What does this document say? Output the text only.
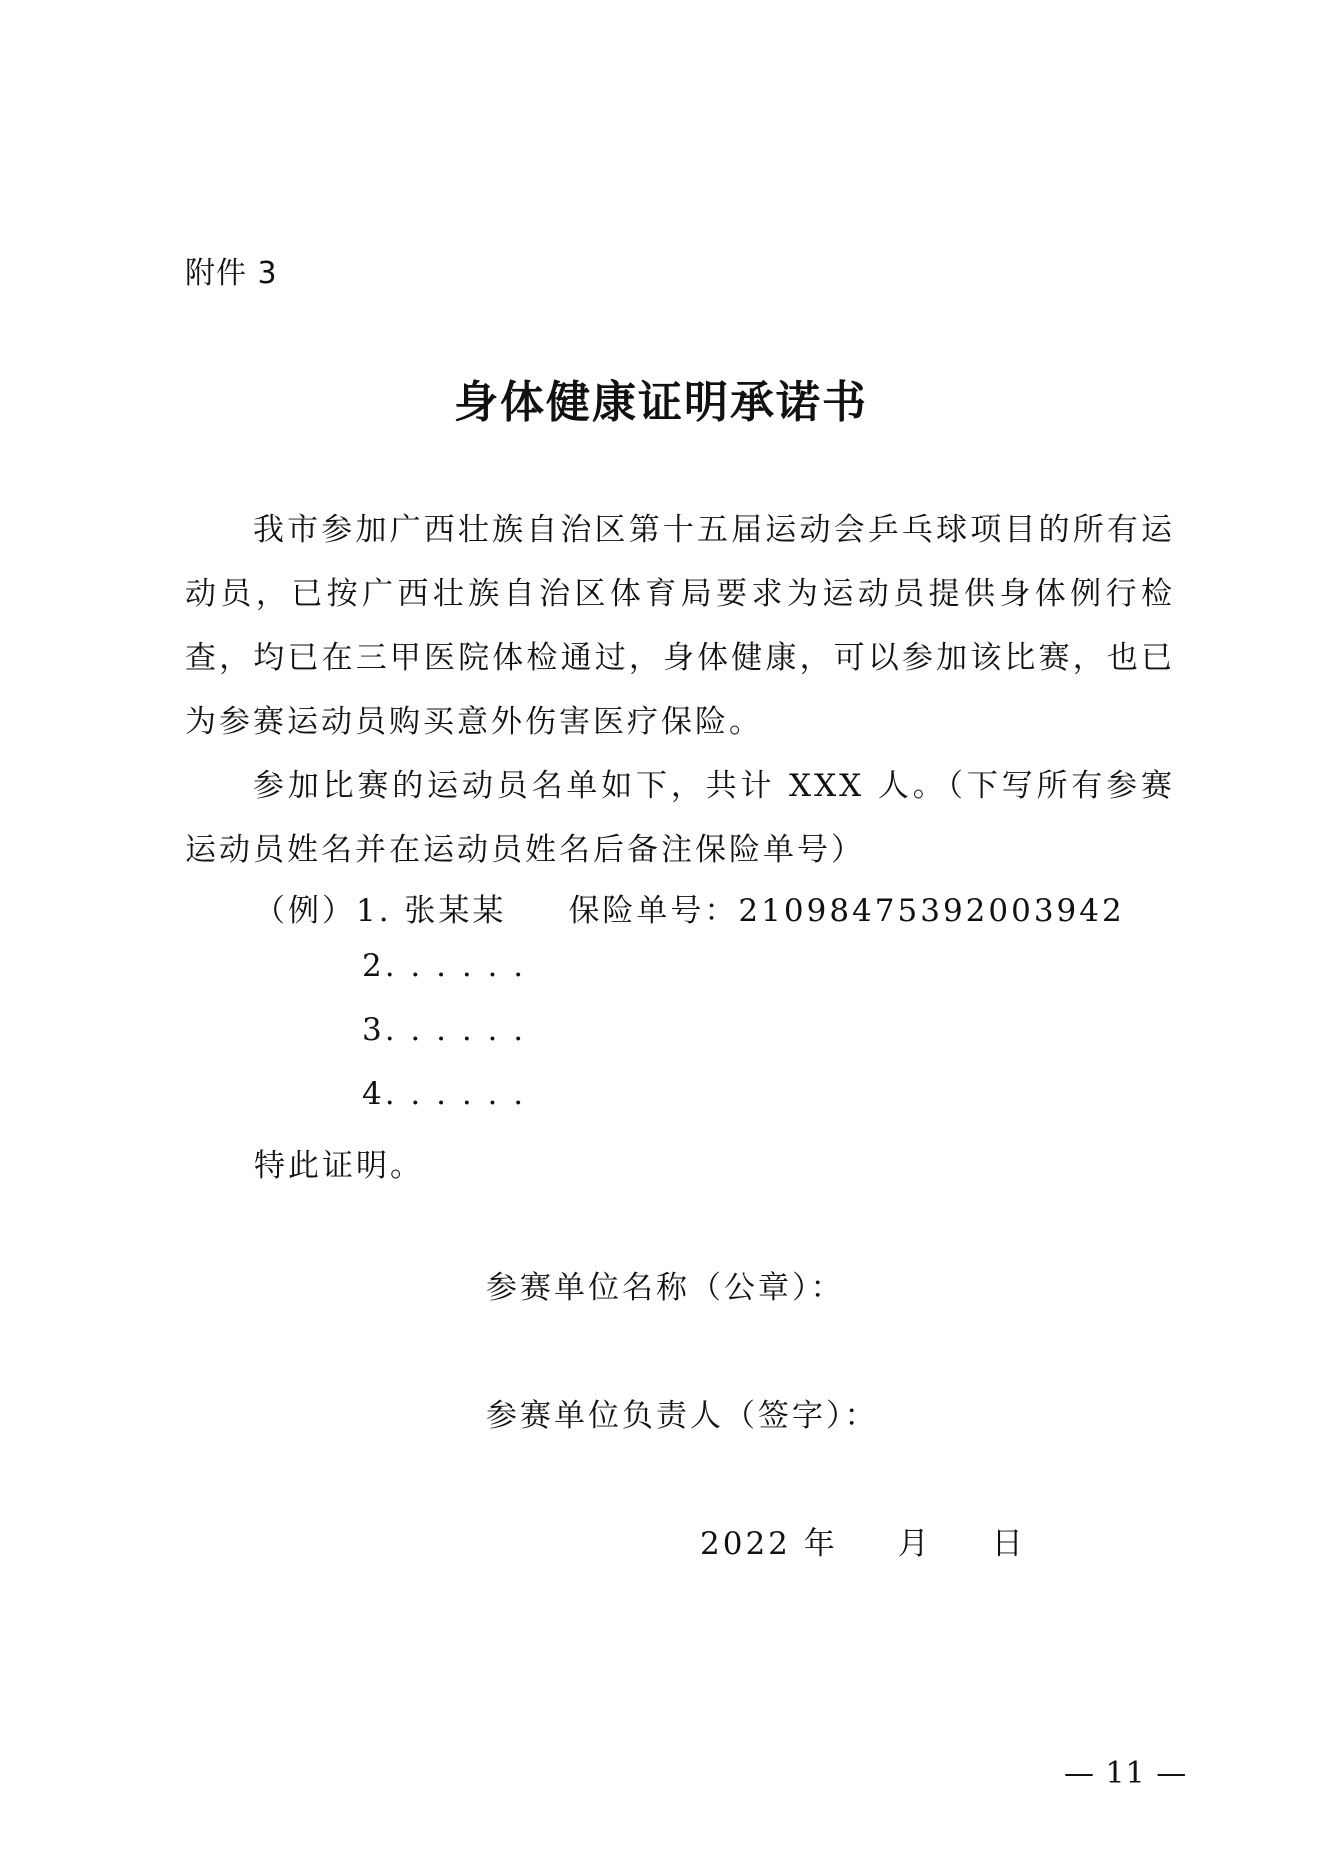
附件 3
身体健康证明承诺书
我市参加广西壮族自治区第十五届运动会乒乓球项目的所有运动员，已按广西壮族自治区体育局要求为运动员提供身体例行检查，均已在三甲医院体检通过，身体健康，可以参加该比赛，也已为参赛运动员购买意外伤害医疗保险。
参加比赛的运动员名单如下，共计 XXX 人。（下写所有参赛运动员姓名并在运动员姓名后备注保险单号）
（例）1. 张某某 保险单号：21098475392003942
2. . . . . .
3. . . . . .
4. . . . . .
特此证明。
参赛单位名称（公章）：
参赛单位负责人（签字）：
2022 年 月 日
— 11 —
